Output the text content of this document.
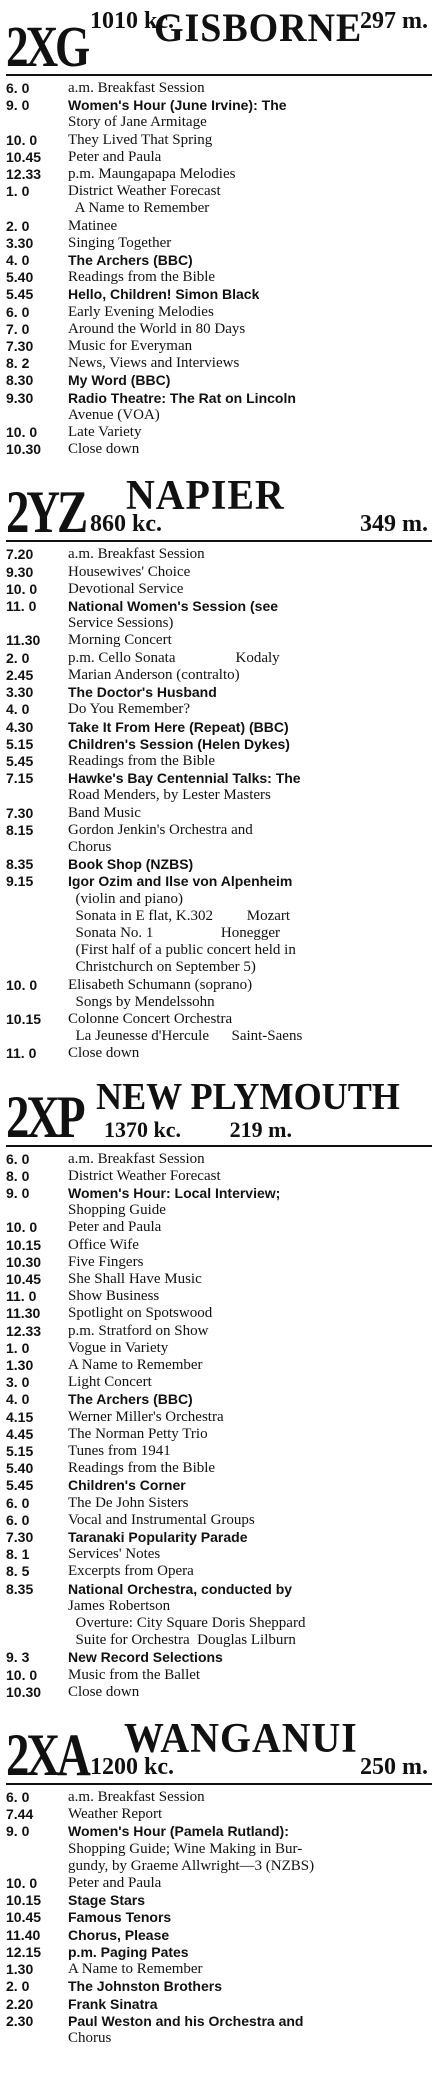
2XG 1010 kc.
GISBORNE
297 m.
6. 0	a.m. Breakfast Session
9. 0	Women's Hour (June Irvine): The
Story of Jane Armitage
10. 0	They Lived That Spring
10.45	Peter and Paula
12.33	p.m. Maungapapa Melodies
1. 0	District Weather Forecast
A Name to Remember
2. 0	Matinee
3.30	Singing Together
4. 0	The Archers (BBC)
5.40	Readings from the Bible
5.45	Hello, Children! Simon Black
6. 0	Early Evening Melodies
7. 0	Around the World in 80 Days
7.30	Music for Everyman
8. 2	News, Views and Interviews
8.30	My Word (BBC)
9.30	Radio Theatre: The Rat on Lincoln
Avenue (VOA)
10. 0	Late Variety
10.30	Close down
2YZ 860 kc.
NAPIER
349 m.
7.20	a.m. Breakfast Session
9.30	Housewives' Choice
10. 0	Devotional Service
11. 0	National Women's Session (see
Service Sessions)
11.30	Morning Concert
2. 0	p.m. Cello Sonata                Kodaly
2.45	Marian Anderson (contralto)
3.30	The Doctor's Husband
4. 0	Do You Remember?
4.30	Take It From Here (Repeat) (BBC)
5.15	Children's Session (Helen Dykes)
5.45	Readings from the Bible
7.15	Hawke's Bay Centennial Talks: The
Road Menders, by Lester Masters
7.30	Band Music
8.15	Gordon Jenkin's Orchestra and
Chorus
8.35	Book Shop (NZBS)
9.15	Igor Ozim and Ilse von Alpenheim
(violin and piano)
Sonata in E flat, K.302         Mozart
Sonata No. 1                  Honegger
(First half of a public concert held in
Christchurch on September 5)
10. 0	Elisabeth Schumann (soprano)
Songs by Mendelssohn
10.15	Colonne Concert Orchestra
La Jeunesse d'Hercule      Saint-Saens
11. 0	Close down
2XP NEW PLYMOUTH
1370 kc. 219 m.
6. 0	a.m. Breakfast Session
8. 0	District Weather Forecast
9. 0	Women's Hour: Local Interview;
Shopping Guide
10. 0	Peter and Paula
10.15	Office Wife
10.30	Five Fingers
10.45	She Shall Have Music
11. 0	Show Business
11.30	Spotlight on Spotswood
12.33	p.m. Stratford on Show
1. 0	Vogue in Variety
1.30	A Name to Remember
3. 0	Light Concert
4. 0	The Archers (BBC)
4.15	Werner Miller's Orchestra
4.45	The Norman Petty Trio
5.15	Tunes from 1941
5.40	Readings from the Bible
5.45	Children's Corner
6. 0	The De John Sisters
6. 0	Vocal and Instrumental Groups
7.30	Taranaki Popularity Parade
8. 1	Services' Notes
8. 5	Excerpts from Opera
8.35	National Orchestra, conducted by
James Robertson
Overture: City Square Doris Sheppard
Suite for Orchestra  Douglas Lilburn
9. 3	New Record Selections
10. 0	Music from the Ballet
10.30	Close down
2XA 1200 kc.
WANGANUI
250 m.
6. 0	a.m. Breakfast Session
7.44	Weather Report
9. 0	Women's Hour (Pamela Rutland):
Shopping Guide; Wine Making in Bur-
gundy, by Graeme Allwright—3 (NZBS)
10. 0	Peter and Paula
10.15	Stage Stars
10.45	Famous Tenors
11.40	Chorus, Please
12.15	p.m. Paging Pates
1.30	A Name to Remember
2. 0	The Johnston Brothers
2.20	Frank Sinatra
2.30	Paul Weston and his Orchestra and
Chorus
